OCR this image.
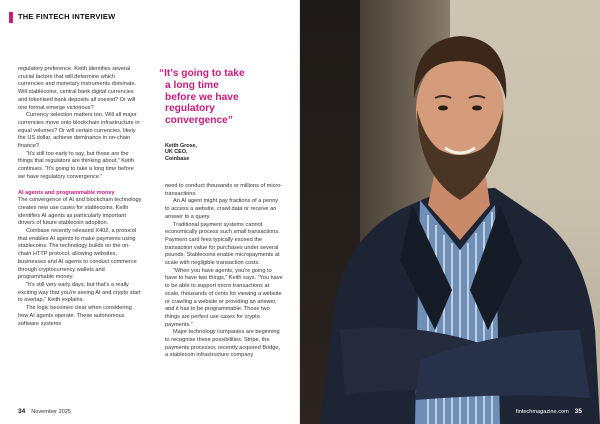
THE FINTECH INTERVIEW

regulatory preference. Keith identifies several crucial factors that will determine which currencies and monetary instruments dominate. Will stablecoins, central bank digital currencies and tokenised bank deposits all coexist? Or will one format emerge victorious?

Currency selection matters too. Will all major currencies move onto blockchain infrastructure in equal volumes? Or will certain currencies, likely the US dollar, achieve dominance in on-chain finance?

“It's still too early to say, but those are the things that regulators are thinking about,” Keith continues. “It's going to take a long time before we have regulatory convergence.”

AI agents and programmable money

The convergence of AI and blockchain technology creates new use cases for stablecoins. Keith identifies AI agents as particularly important drivers of future stablecoin adoption.

Coinbase recently released X402, a protocol that enables AI agents to make payments using stablecoins. The technology builds on the on-chain HTTP protocol, allowing websites, businesses and AI agents to conduct commerce through cryptocurrency wallets and programmable money.

“It's still very early days, but that's a really exciting way that you're seeing AI and crypto start to overlap,” Keith explains.

The logic becomes clear when considering how AI agents operate. These autonomous software systems

“It's going to take
a long time
before we have
regulatory
convergence”
Keith Grose,
UK CEO,
Coinbase

need to conduct thousands or millions of micro-transactions.

An AI agent might pay fractions of a penny to access a website, crawl data or receive an answer to a query.

Traditional payment systems cannot economically process such small transactions. Payment card fees typically exceed the transaction value for purchases under several pounds. Stablecoins enable micropayments at scale with negligible transaction costs.

“When you have agents, you're going to have to have two things,” Keith says. “You have to be able to support micro transactions at scale, thousands of cents for viewing a website or crawling a website or providing an answer, and it has to be programmable. Those two things are perfect use cases for crypto payments.”

Major technology companies are beginning to recognise these possibilities. Stripe, the payments processor, recently acquired Bridge, a stablecoin infrastructure company

34 November 2025	fintechmagazine.com 35
